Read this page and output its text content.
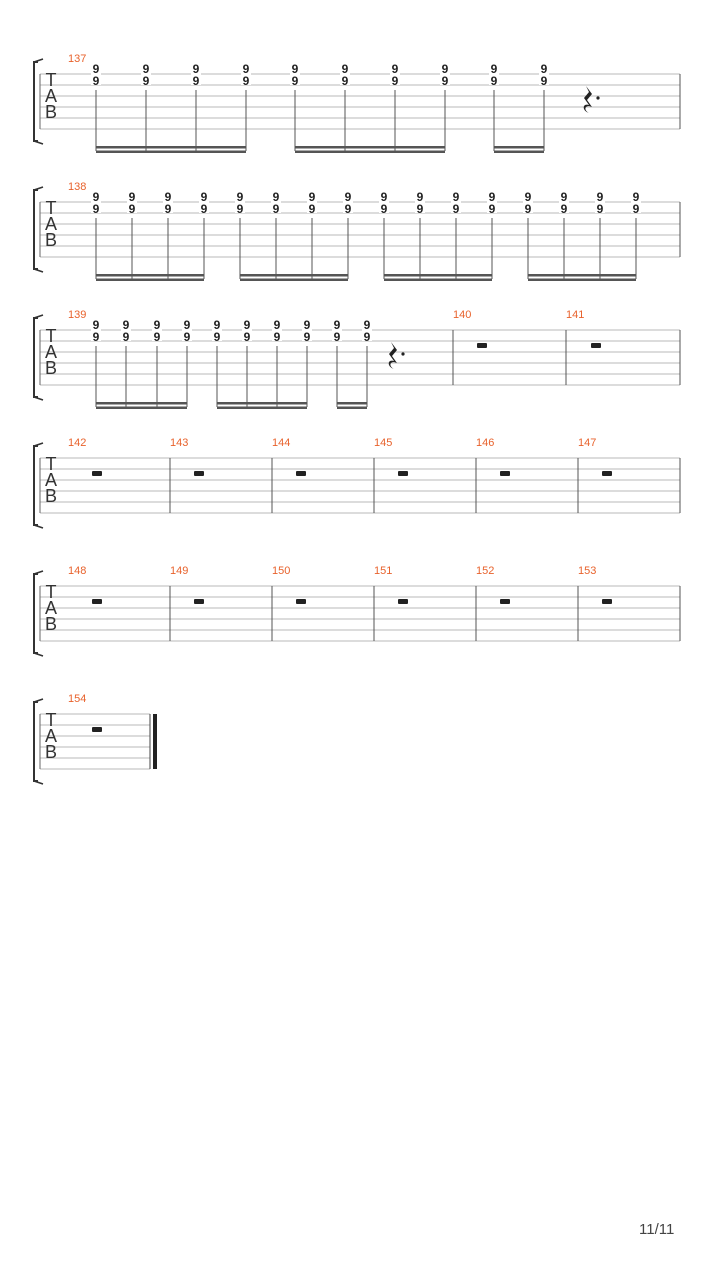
T
A
B
137
9
9
9
9
9
9
9
9
9
9
9
9
9
9
9
9
9
9
9
9
T
A
B
138
9
9
9
9
9
9
9
9
9
9
9
9
9
9
9
9
9
9
9
9
9
9
9
9
9
9
9
9
9
9
9
9
T
A
B
139
9
9
9
9
9
9
9
9
9
9
9
9
9
9
9
9
9
9
9
9
140	141
T
A
B
142	143	144	145	146	147
T
A
B
148	149	150	151	152	153
T
A
B
154
11/11
